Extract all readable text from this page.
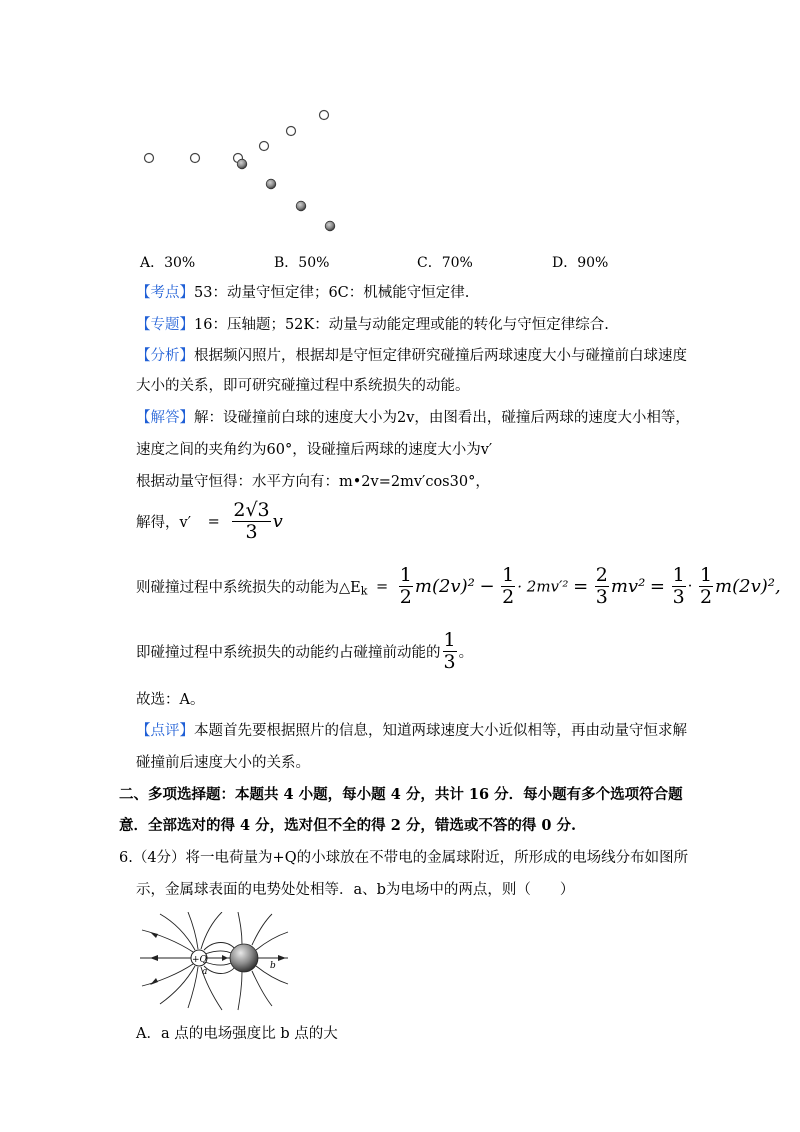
A．30%	B．50%	C．70%	D．90%
【考点】53：动量守恒定律；6C：机械能守恒定律.
【专题】16：压轴题；52K：动量与动能定理或能的转化与守恒定律综合.
【分析】根据频闪照片，根据却是守恒定律研究碰撞后两球速度大小与碰撞前白球速度
大小的关系，即可研究碰撞过程中系统损失的动能。
【解答】解：设碰撞前白球的速度大小为2v，由图看出，碰撞后两球的速度大小相等，
速度之间的夹角约为60°，设碰撞后两球的速度大小为v′
根据动量守恒得：水平方向有：m•2v=2mv′cos30°，
解得，$v' = \frac{2√3}{3}$ v
则碰撞过程中系统损失的动能为$\triangle E_k = \frac{1}{2} m(2v)^2 - \frac{1}{2} \cdot 2mv'^2 = \frac{2}{3} mv^2 = \frac{1}{3} \cdot \frac{1}{2} m(2v)^2$,
即碰撞过程中系统损失的动能约占碰撞前动能的 $\frac{1}{3}$ 。
故选：A。
【点评】本题首先要根据照片的信息，知道两球速度大小近似相等，再由动量守恒求解
碰撞前后速度大小的关系。
二、多项选择题：本题共 4 小题，每小题 4 分，共计 16 分．每小题有多个选项符合题
意．全部选对的得 4 分，选对但不全的得 2 分，错选或不答的得 0 分.
6.（4分）将一电荷量为+Q的小球放在不带电的金属球附近，所形成的电场线分布如图所
示，金属球表面的电势处处相等．a、b为电场中的两点，则（　　）
+Q
a
b
A．a 点的电场强度比 b 点的大
